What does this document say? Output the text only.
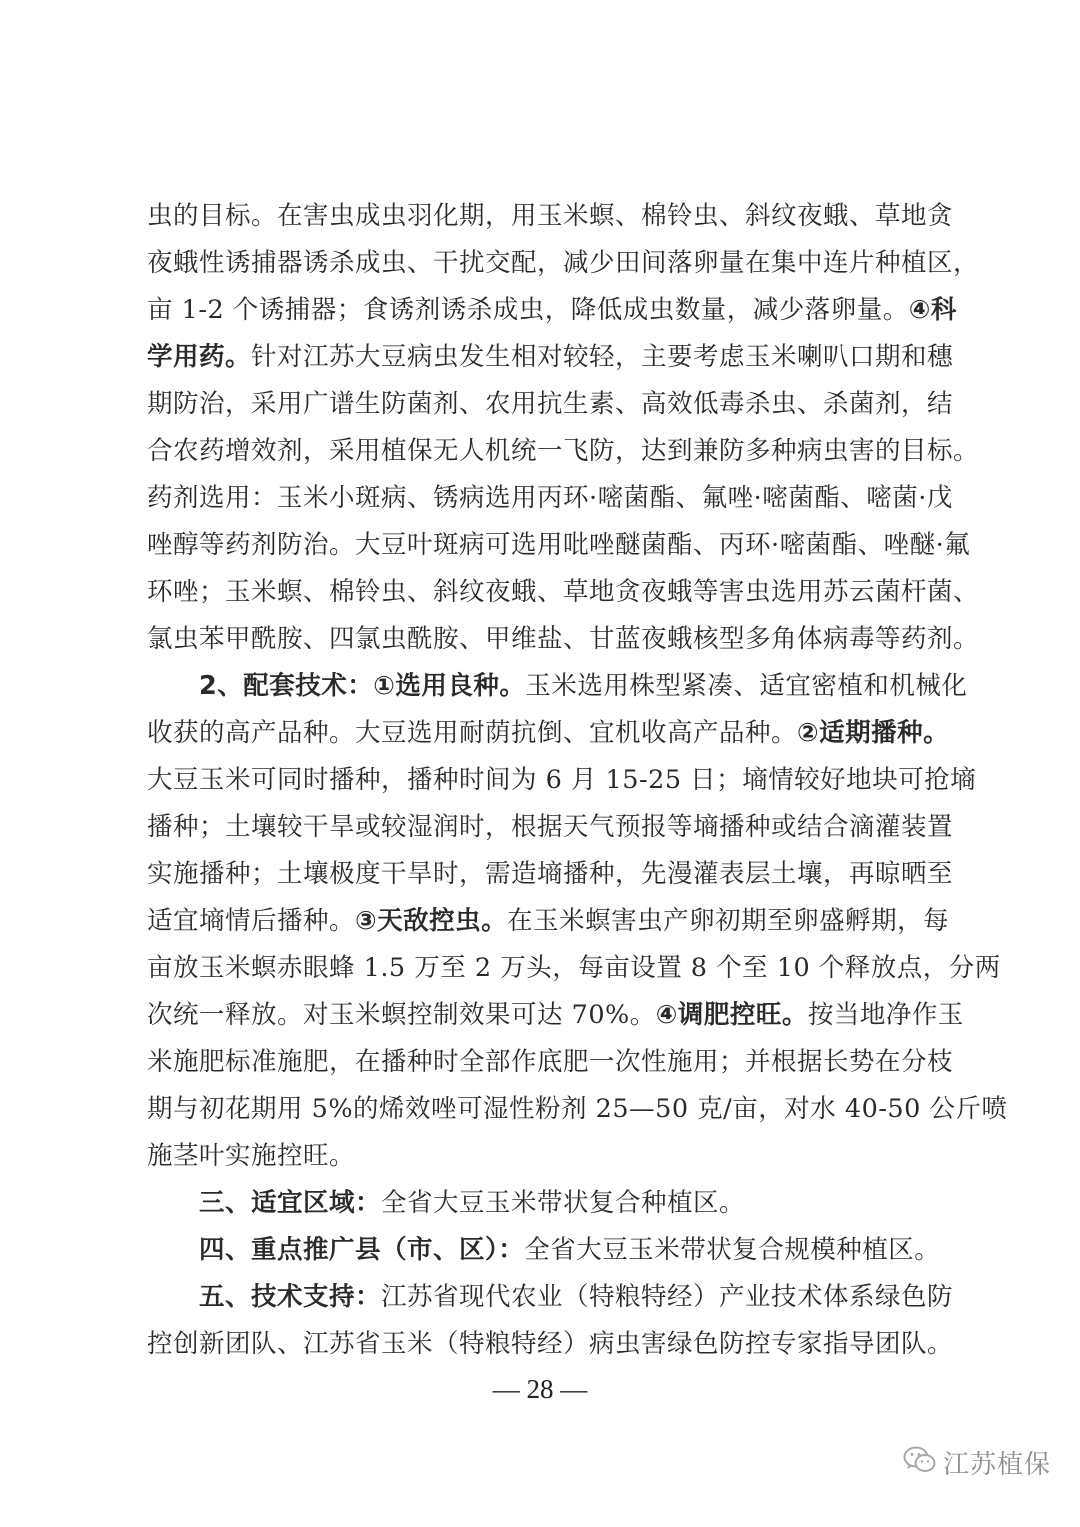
虫的目标。在害虫成虫羽化期，用玉米螟、棉铃虫、斜纹夜蛾、草地贪
夜蛾性诱捕器诱杀成虫、干扰交配，减少田间落卵量在集中连片种植区，
亩 1-2 个诱捕器；食诱剂诱杀成虫，降低成虫数量，减少落卵量。④科
学用药。针对江苏大豆病虫发生相对较轻，主要考虑玉米喇叭口期和穗
期防治，采用广谱生防菌剂、农用抗生素、高效低毒杀虫、杀菌剂，结
合农药增效剂，采用植保无人机统一飞防，达到兼防多种病虫害的目标。
药剂选用：玉米小斑病、锈病选用丙环·嘧菌酯、氟唑·嘧菌酯、嘧菌·戊
唑醇等药剂防治。大豆叶斑病可选用吡唑醚菌酯、丙环·嘧菌酯、唑醚·氟
环唑；玉米螟、棉铃虫、斜纹夜蛾、草地贪夜蛾等害虫选用苏云菌杆菌、
氯虫苯甲酰胺、四氯虫酰胺、甲维盐、甘蓝夜蛾核型多角体病毒等药剂。
2、配套技术：①选用良种。玉米选用株型紧凑、适宜密植和机械化
收获的高产品种。大豆选用耐荫抗倒、宜机收高产品种。②适期播种。
大豆玉米可同时播种，播种时间为 6 月 15-25 日；墒情较好地块可抢墒
播种；土壤较干旱或较湿润时，根据天气预报等墒播种或结合滴灌装置
实施播种；土壤极度干旱时，需造墒播种，先漫灌表层土壤，再晾晒至
适宜墒情后播种。③天敌控虫。在玉米螟害虫产卵初期至卵盛孵期，每
亩放玉米螟赤眼蜂 1.5 万至 2 万头，每亩设置 8 个至 10 个释放点，分两
次统一释放。对玉米螟控制效果可达 70%。④调肥控旺。按当地净作玉
米施肥标准施肥，在播种时全部作底肥一次性施用；并根据长势在分枝
期与初花期用 5%的烯效唑可湿性粉剂 25—50 克/亩，对水 40-50 公斤喷
施茎叶实施控旺。
三、适宜区域：全省大豆玉米带状复合种植区。
四、重点推广县（市、区）：全省大豆玉米带状复合规模种植区。
五、技术支持：江苏省现代农业（特粮特经）产业技术体系绿色防
控创新团队、江苏省玉米（特粮特经）病虫害绿色防控专家指导团队。
— 28 —
江苏植保
